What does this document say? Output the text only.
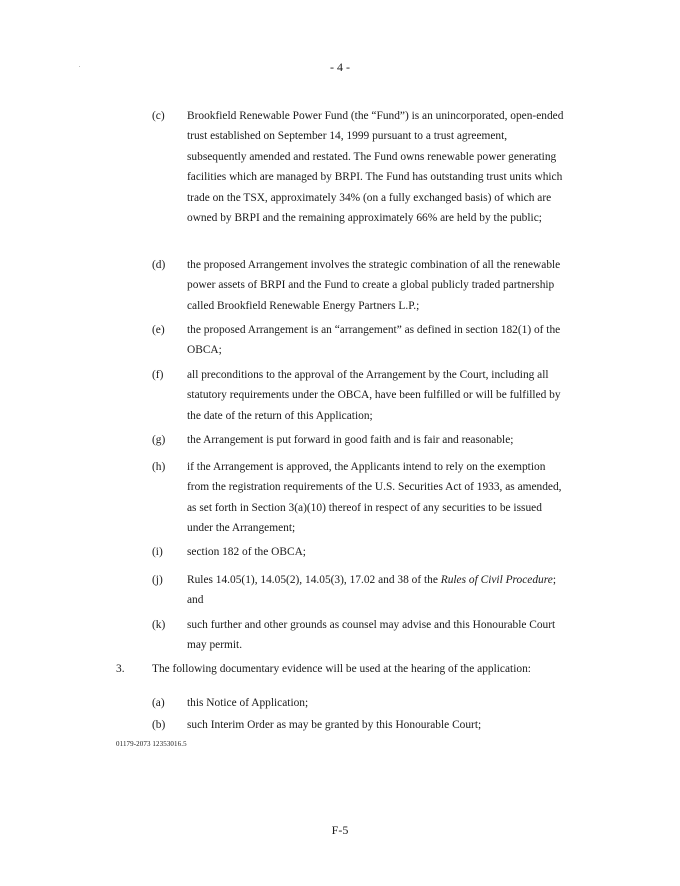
- 4 -
(c) Brookfield Renewable Power Fund (the “Fund”) is an unincorporated, open-ended trust established on September 14, 1999 pursuant to a trust agreement, subsequently amended and restated. The Fund owns renewable power generating facilities which are managed by BRPI. The Fund has outstanding trust units which trade on the TSX, approximately 34% (on a fully exchanged basis) of which are owned by BRPI and the remaining approximately 66% are held by the public;
(d) the proposed Arrangement involves the strategic combination of all the renewable power assets of BRPI and the Fund to create a global publicly traded partnership called Brookfield Renewable Energy Partners L.P.;
(e) the proposed Arrangement is an “arrangement” as defined in section 182(1) of the OBCA;
(f) all preconditions to the approval of the Arrangement by the Court, including all statutory requirements under the OBCA, have been fulfilled or will be fulfilled by the date of the return of this Application;
(g) the Arrangement is put forward in good faith and is fair and reasonable;
(h) if the Arrangement is approved, the Applicants intend to rely on the exemption from the registration requirements of the U.S. Securities Act of 1933, as amended, as set forth in Section 3(a)(10) thereof in respect of any securities to be issued under the Arrangement;
(i) section 182 of the OBCA;
(j) Rules 14.05(1), 14.05(2), 14.05(3), 17.02 and 38 of the Rules of Civil Procedure; and
(k) such further and other grounds as counsel may advise and this Honourable Court may permit.
3. The following documentary evidence will be used at the hearing of the application:
(a) this Notice of Application;
(b) such Interim Order as may be granted by this Honourable Court;
01179-2073 12353016.5
F-5
